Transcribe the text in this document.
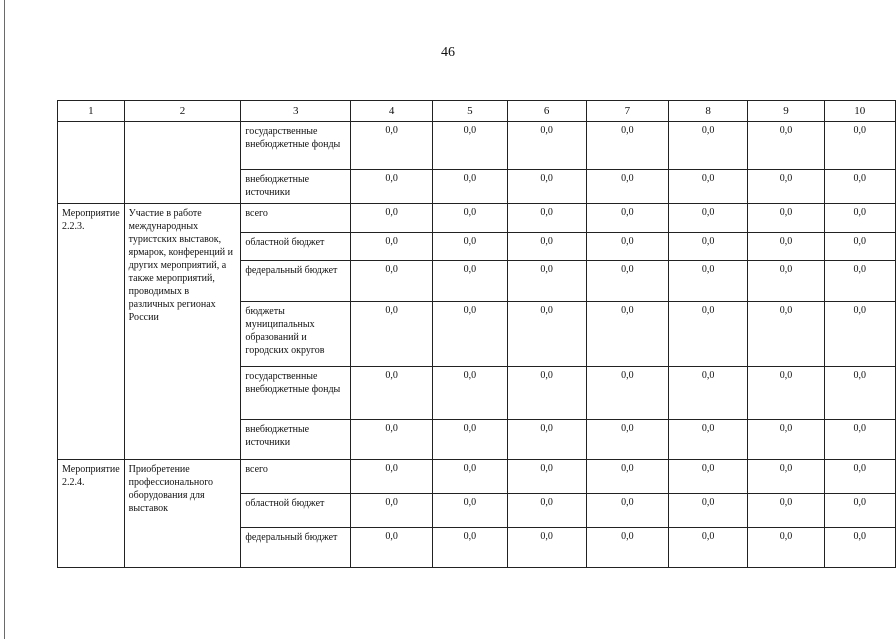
46
1	2	3	4	5	6	7	8	9	10
		государственные внебюджетные фонды	0,0	0,0	0,0	0,0	0,0	0,0	0,0
		внебюджетные источники	0,0	0,0	0,0	0,0	0,0	0,0	0,0
Мероприятие 2.2.3.	Участие в работе международных туристских выставок, ярмарок, конференций и других мероприятий, а также мероприятий, проводимых в различных регионах России	всего	0,0	0,0	0,0	0,0	0,0	0,0	0,0
		областной бюджет	0,0	0,0	0,0	0,0	0,0	0,0	0,0
		федеральный бюджет	0,0	0,0	0,0	0,0	0,0	0,0	0,0
		бюджеты муниципальных образований и городских округов	0,0	0,0	0,0	0,0	0,0	0,0	0,0
		государственные внебюджетные фонды	0,0	0,0	0,0	0,0	0,0	0,0	0,0
		внебюджетные источники	0,0	0,0	0,0	0,0	0,0	0,0	0,0
Мероприятие 2.2.4.	Приобретение профессионального оборудования для выставок	всего	0,0	0,0	0,0	0,0	0,0	0,0	0,0
		областной бюджет	0,0	0,0	0,0	0,0	0,0	0,0	0,0
		федеральный бюджет	0,0	0,0	0,0	0,0	0,0	0,0	0,0
